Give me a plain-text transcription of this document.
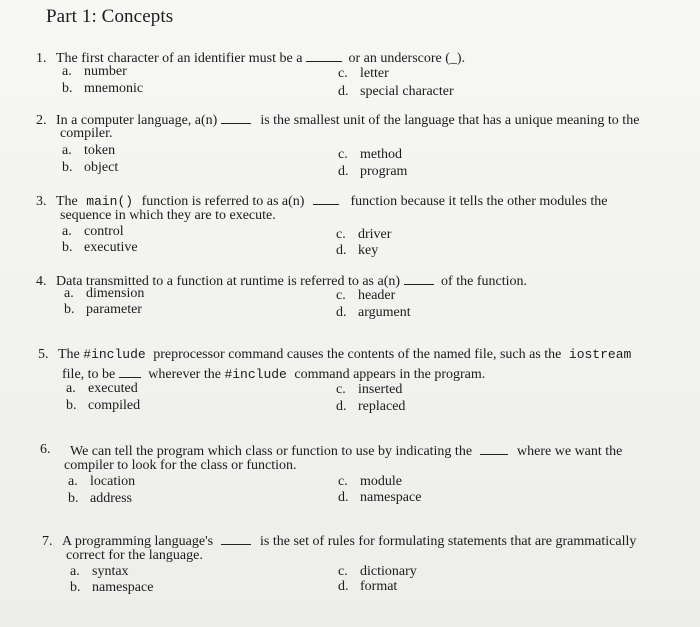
Part 1: Concepts
1. The first character of an identifier must be a	or an underscore (_).
a. number
b. mnemonic
c. letter
d. special character
2. In a computer language, a(n)	is the smallest unit of the language that has a unique meaning to the
compiler.
a. token
b. object
c. method
d. program
3. The main() function is referred to as a(n)	function because it tells the other modules the
sequence in which they are to execute.
a. control
b. executive
c. driver
d. key
4. Data transmitted to a function at runtime is referred to as a(n)	of the function.
a. dimension
b. parameter
c. header
d. argument
5. The #include preprocessor command causes the contents of the named file, such as the iostream
file, to be wherever the #include command appears in the program.
a. executed
b. compiled
c. inserted
d. replaced
6. We can tell the program which class or function to use by indicating the	where we want the
compiler to look for the class or function.
a. location
b. address
c. module
d. namespace
7. A programming language's	is the set of rules for formulating statements that are grammatically
correct for the language.
a. syntax
b. namespace
c. dictionary
d. format
